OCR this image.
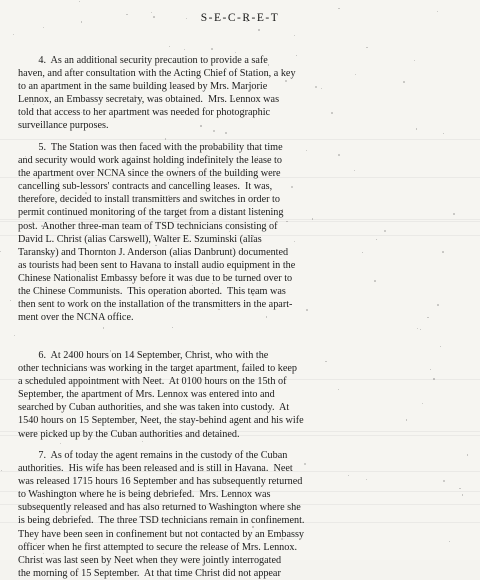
S-E-C-R-E-T
4.  As an additional security precaution to provide a safe
haven, and after consultation with the Acting Chief of Station, a key
to an apartment in the same building leased by Mrs. Marjorie
Lennox, an Embassy secretary, was obtained.  Mrs. Lennox was
told that access to her apartment was needed for photographic
surveillance purposes.
5.  The Station was then faced with the probability that time
and security would work against holding indefinitely the lease to
the apartment over NCNA since the owners of the building were
cancelling sub-lessors' contracts and cancelling leases.  It was,
therefore, decided to install transmitters and switches in order to
permit continued monitoring of the target from a distant listening
post.  Another three-man team of TSD technicians consisting of
David L. Christ (alias Carswell), Walter E. Szuminski (alias
Taransky) and Thornton J. Anderson (alias Danbrunt) documented
as tourists had been sent to Havana to install audio equipment in the
Chinese Nationalist Embassy before it was due to be turned over to
the Chinese Communists.  This operation aborted.  This team was
then sent to work on the installation of the transmitters in the apart-
ment over the NCNA office.
6.  At 2400 hours on 14 September, Christ, who with the
other technicians was working in the target apartment, failed to keep
a scheduled appointment with Neet.  At 0100 hours on the 15th of
September, the apartment of Mrs. Lennox was entered into and
searched by Cuban authorities, and she was taken into custody.  At
1540 hours on 15 September, Neet, the stay-behind agent and his wife
were picked up by the Cuban authorities and detained.
7.  As of today the agent remains in the custody of the Cuban
authorities.  His wife has been released and is still in Havana.  Neet
was released 1715 hours 16 September and has subsequently returned
to Washington where he is being debriefed.  Mrs. Lennox was
subsequently released and has also returned to Washington where she
is being debriefed.  The three TSD technicians remain in confinement.
They have been seen in confinement but not contacted by an Embassy
officer when he first attempted to secure the release of Mrs. Lennox.
Christ was last seen by Neet when they were jointly interrogated
the morning of 15 September.  At that time Christ did not appear
